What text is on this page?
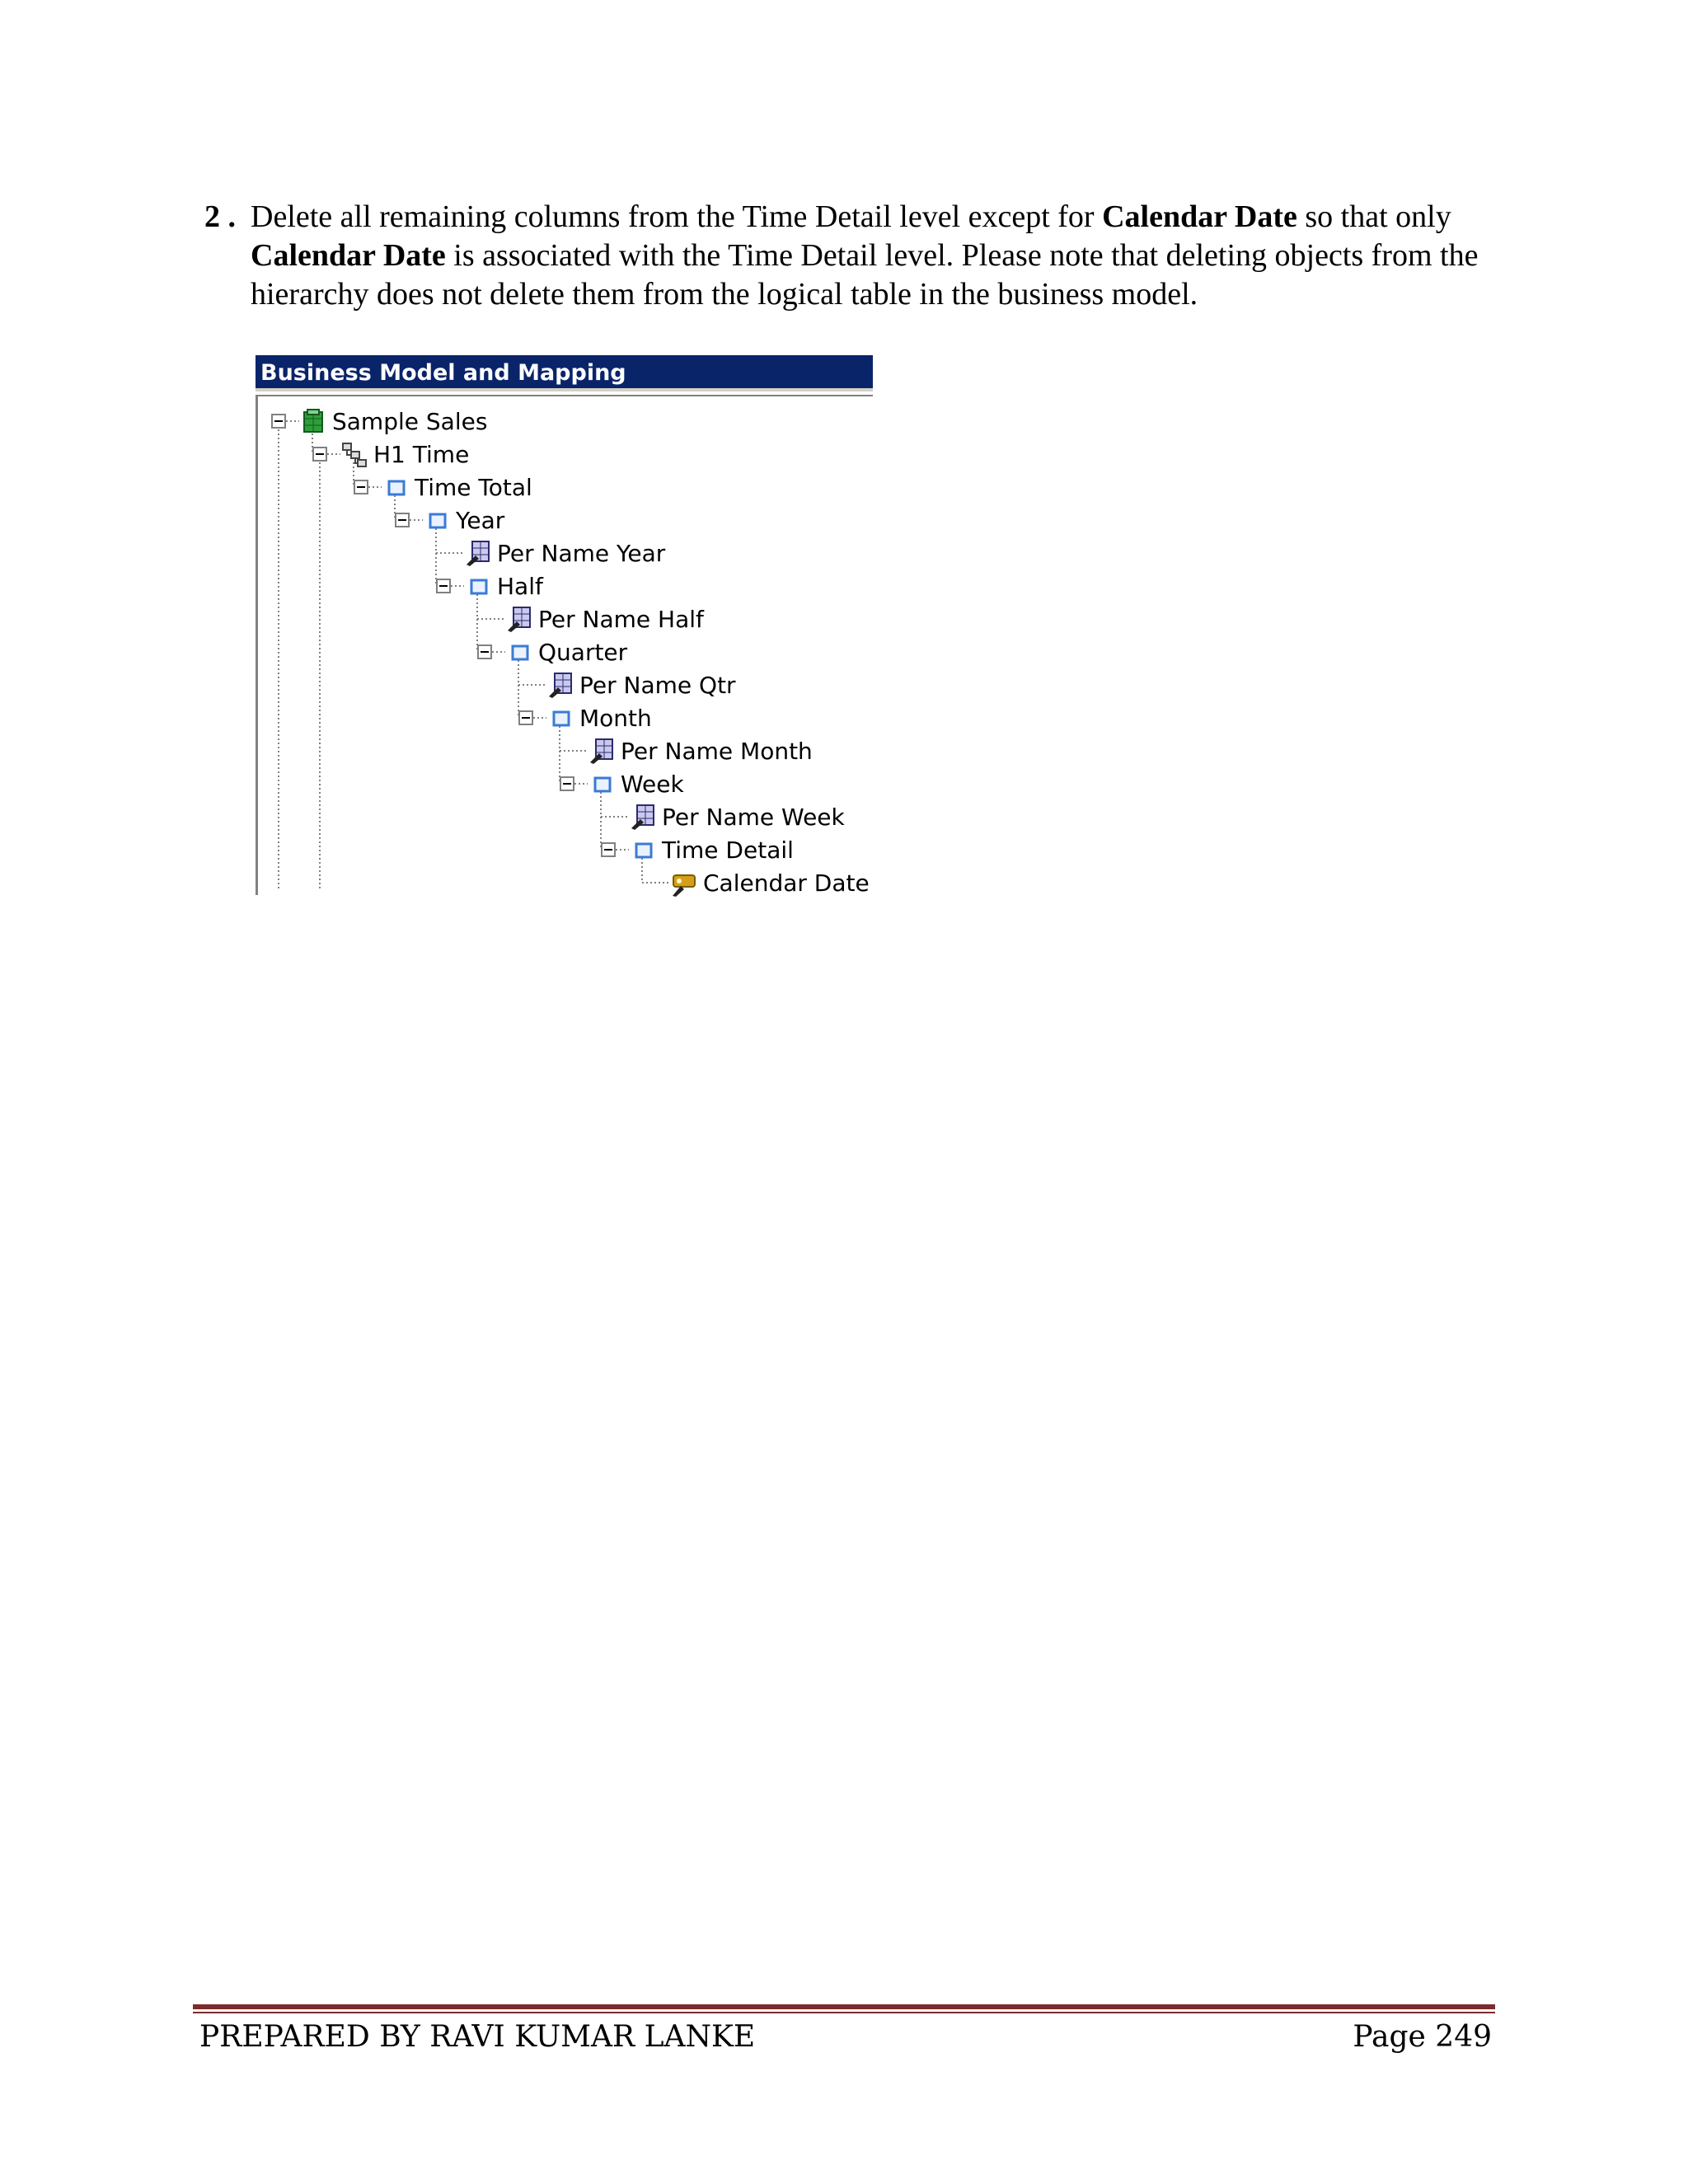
2 . Delete all remaining columns from the Time Detail level except for Calendar Date so that only Calendar Date is associated with the Time Detail level. Please note that deleting objects from the hierarchy does not delete them from the logical table in the business model.
Business Model and Mapping
Sample Sales
H1 Time
Time Total
Year
Per Name Year
Half
Per Name Half
Quarter
Per Name Qtr
Month
Per Name Month
Week
Per Name Week
Time Detail
Calendar Date
PREPARED BY RAVI KUMAR LANKE	Page 249
